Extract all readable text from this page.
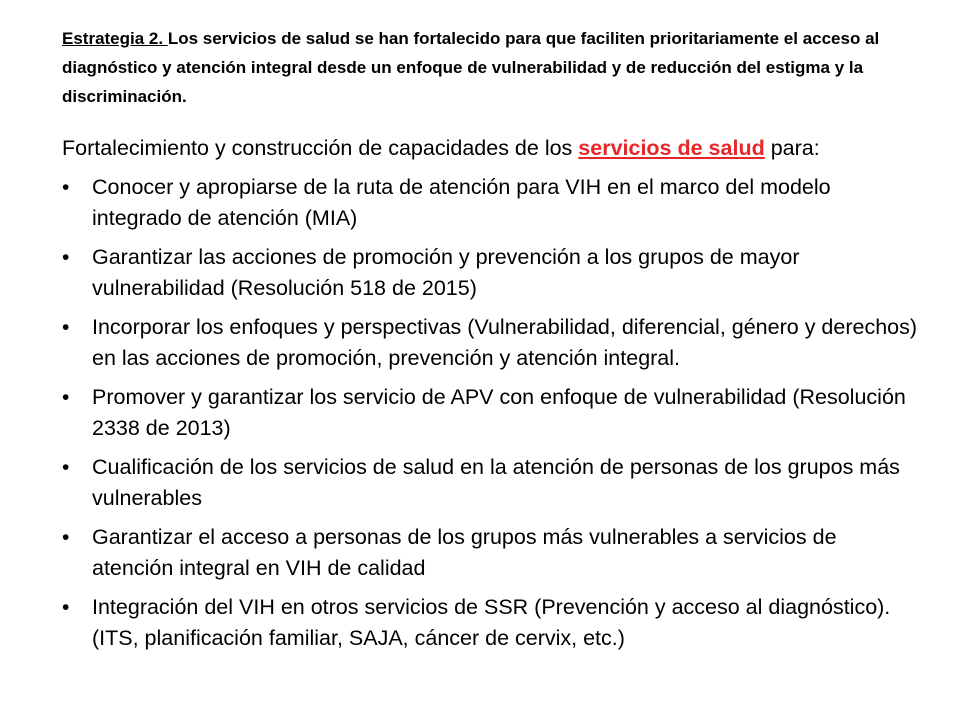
Estrategia 2. Los servicios de salud se han fortalecido para que faciliten prioritariamente el acceso al diagnóstico y atención integral desde un enfoque de vulnerabilidad y de reducción del estigma y la discriminación.
Fortalecimiento y construcción de capacidades de los servicios de salud para:
• Conocer y apropiarse de la ruta de atención para VIH en el marco del modelo integrado de atención (MIA)
• Garantizar las acciones de promoción y prevención a los grupos de mayor vulnerabilidad (Resolución 518 de 2015)
• Incorporar los enfoques y perspectivas (Vulnerabilidad, diferencial, género y derechos) en las acciones de promoción, prevención y atención integral.
• Promover y garantizar los servicio de APV con enfoque de vulnerabilidad (Resolución 2338 de 2013)
• Cualificación de los servicios de salud en la atención de personas de los grupos más vulnerables
• Garantizar el acceso a personas de los grupos más vulnerables a servicios de atención integral en VIH de calidad
• Integración del VIH en otros servicios de SSR (Prevención y acceso al diagnóstico). (ITS, planificación familiar, SAJA, cáncer de cervix, etc.)
